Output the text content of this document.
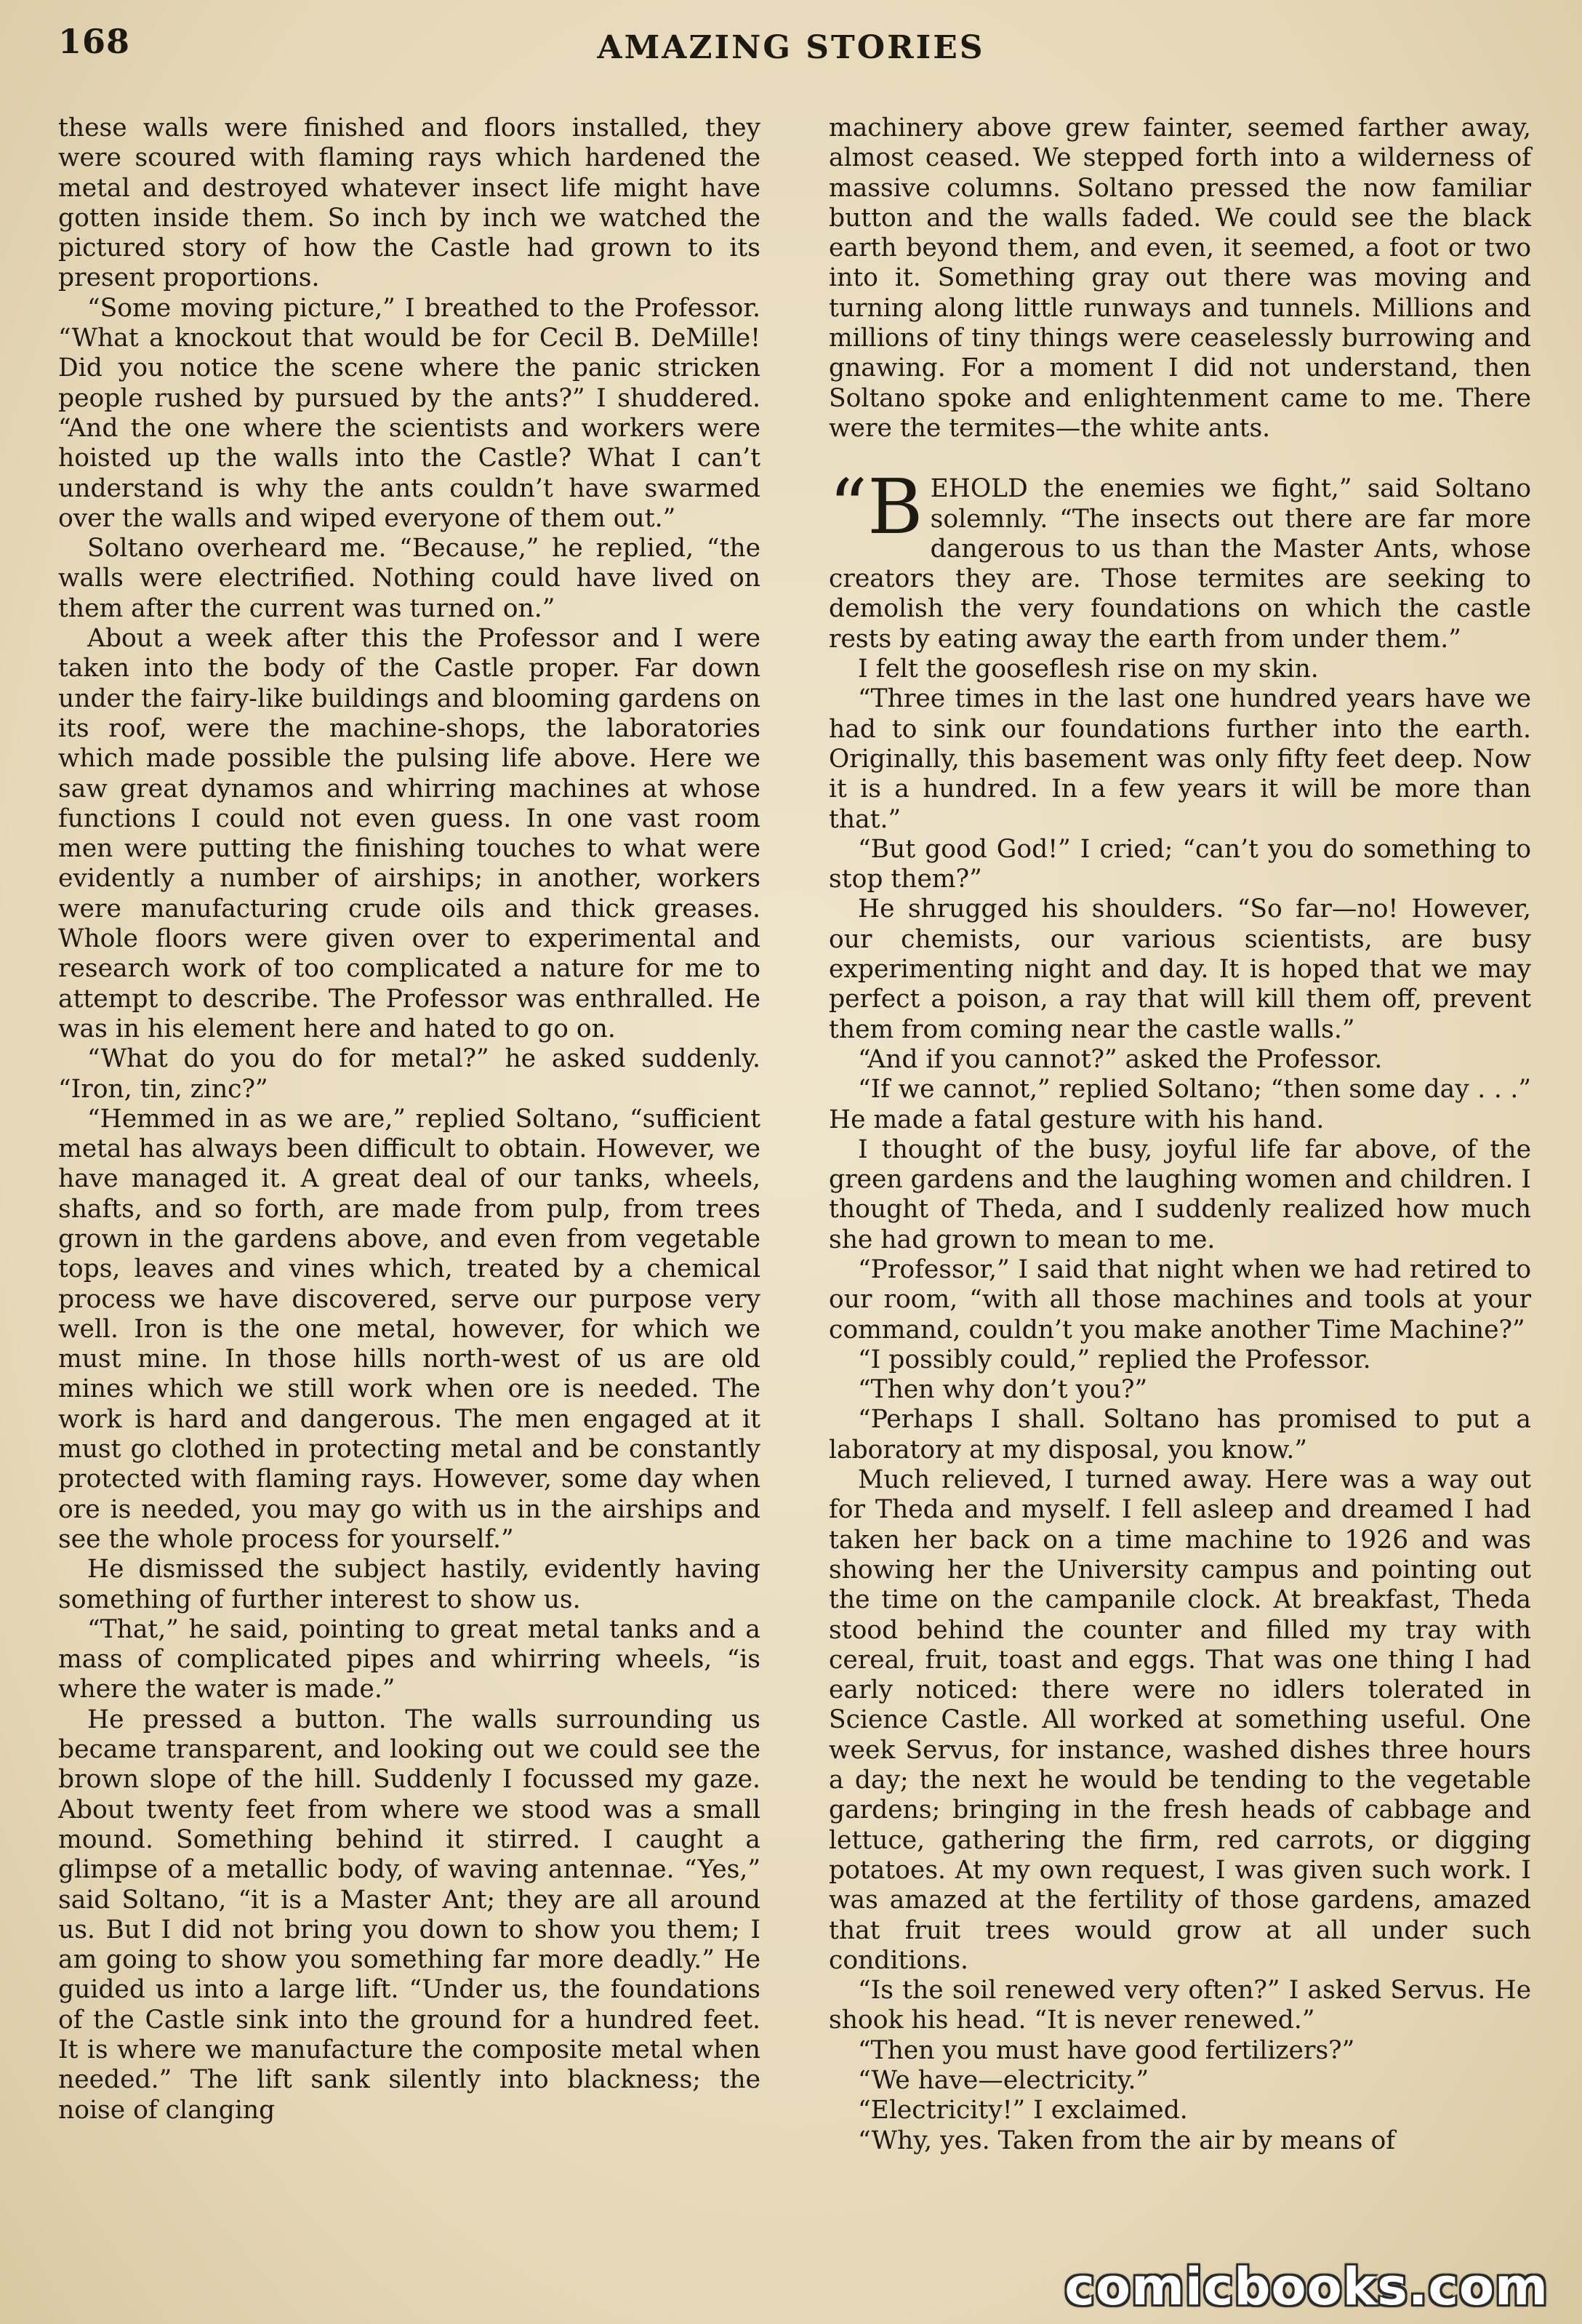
168	AMAZING STORIES

these walls were finished and floors installed, they were scoured with flaming rays which hardened the metal and destroyed whatever insect life might have gotten inside them. So inch by inch we watched the pictured story of how the Castle had grown to its present proportions.

“Some moving picture,” I breathed to the Professor. “What a knockout that would be for Cecil B. DeMille! Did you notice the scene where the panic stricken people rushed by pursued by the ants?” I shuddered. “And the one where the scientists and workers were hoisted up the walls into the Castle? What I can’t understand is why the ants couldn’t have swarmed over the walls and wiped everyone of them out.”

Soltano overheard me. “Because,” he replied, “the walls were electrified. Nothing could have lived on them after the current was turned on.”

About a week after this the Professor and I were taken into the body of the Castle proper. Far down under the fairy-like buildings and blooming gardens on its roof, were the machine-shops, the laboratories which made possible the pulsing life above. Here we saw great dynamos and whirring machines at whose functions I could not even guess. In one vast room men were putting the finishing touches to what were evidently a number of airships; in another, workers were manufacturing crude oils and thick greases. Whole floors were given over to experimental and research work of too complicated a nature for me to attempt to describe. The Professor was enthralled. He was in his element here and hated to go on.

“What do you do for metal?” he asked suddenly. “Iron, tin, zinc?”

“Hemmed in as we are,” replied Soltano, “sufficient metal has always been difficult to obtain. However, we have managed it. A great deal of our tanks, wheels, shafts, and so forth, are made from pulp, from trees grown in the gardens above, and even from vegetable tops, leaves and vines which, treated by a chemical process we have discovered, serve our purpose very well. Iron is the one metal, however, for which we must mine. In those hills north-west of us are old mines which we still work when ore is needed. The work is hard and dangerous. The men engaged at it must go clothed in protecting metal and be constantly protected with flaming rays. However, some day when ore is needed, you may go with us in the airships and see the whole process for yourself.”

He dismissed the subject hastily, evidently having something of further interest to show us.

“That,” he said, pointing to great metal tanks and a mass of complicated pipes and whirring wheels, “is where the water is made.”

He pressed a button. The walls surrounding us became transparent, and looking out we could see the brown slope of the hill. Suddenly I focussed my gaze. About twenty feet from where we stood was a small mound. Something behind it stirred. I caught a glimpse of a metallic body, of waving antennae. “Yes,” said Soltano, “it is a Master Ant; they are all around us. But I did not bring you down to show you them; I am going to show you something far more deadly.” He guided us into a large lift. “Under us, the foundations of the Castle sink into the ground for a hundred feet. It is where we manufacture the composite metal when needed.” The lift sank silently into blackness; the noise of clanging

machinery above grew fainter, seemed farther away, almost ceased. We stepped forth into a wilderness of massive columns. Soltano pressed the now familiar button and the walls faded. We could see the black earth beyond them, and even, it seemed, a foot or two into it. Something gray out there was moving and turning along little runways and tunnels. Millions and millions of tiny things were ceaselessly burrowing and gnawing. For a moment I did not understand, then Soltano spoke and enlightenment came to me. There were the termites—the white ants.

“B EHOLD the enemies we fight,” said Soltano solemnly. “The insects out there are far more dangerous to us than the Master Ants, whose creators they are. Those termites are seeking to demolish the very foundations on which the castle rests by eating away the earth from under them.”

I felt the gooseflesh rise on my skin.

“Three times in the last one hundred years have we had to sink our foundations further into the earth. Originally, this basement was only fifty feet deep. Now it is a hundred. In a few years it will be more than that.”

“But good God!” I cried; “can’t you do something to stop them?”

He shrugged his shoulders. “So far—no! However, our chemists, our various scientists, are busy experimenting night and day. It is hoped that we may perfect a poison, a ray that will kill them off, prevent them from coming near the castle walls.”

“And if you cannot?” asked the Professor.

“If we cannot,” replied Soltano; “then some day . . .” He made a fatal gesture with his hand.

I thought of the busy, joyful life far above, of the green gardens and the laughing women and children. I thought of Theda, and I suddenly realized how much she had grown to mean to me.

“Professor,” I said that night when we had retired to our room, “with all those machines and tools at your command, couldn’t you make another Time Machine?”

“I possibly could,” replied the Professor.

“Then why don’t you?”

“Perhaps I shall. Soltano has promised to put a laboratory at my disposal, you know.”

Much relieved, I turned away. Here was a way out for Theda and myself. I fell asleep and dreamed I had taken her back on a time machine to 1926 and was showing her the University campus and pointing out the time on the campanile clock. At breakfast, Theda stood behind the counter and filled my tray with cereal, fruit, toast and eggs. That was one thing I had early noticed: there were no idlers tolerated in Science Castle. All worked at something useful. One week Servus, for instance, washed dishes three hours a day; the next he would be tending to the vegetable gardens; bringing in the fresh heads of cabbage and lettuce, gathering the firm, red carrots, or digging potatoes. At my own request, I was given such work. I was amazed at the fertility of those gardens, amazed that fruit trees would grow at all under such conditions.

“Is the soil renewed very often?” I asked Servus. He shook his head. “It is never renewed.”

“Then you must have good fertilizers?”

“We have—electricity.”

“Electricity!” I exclaimed.

“Why, yes. Taken from the air by means of

comicbooks.com
